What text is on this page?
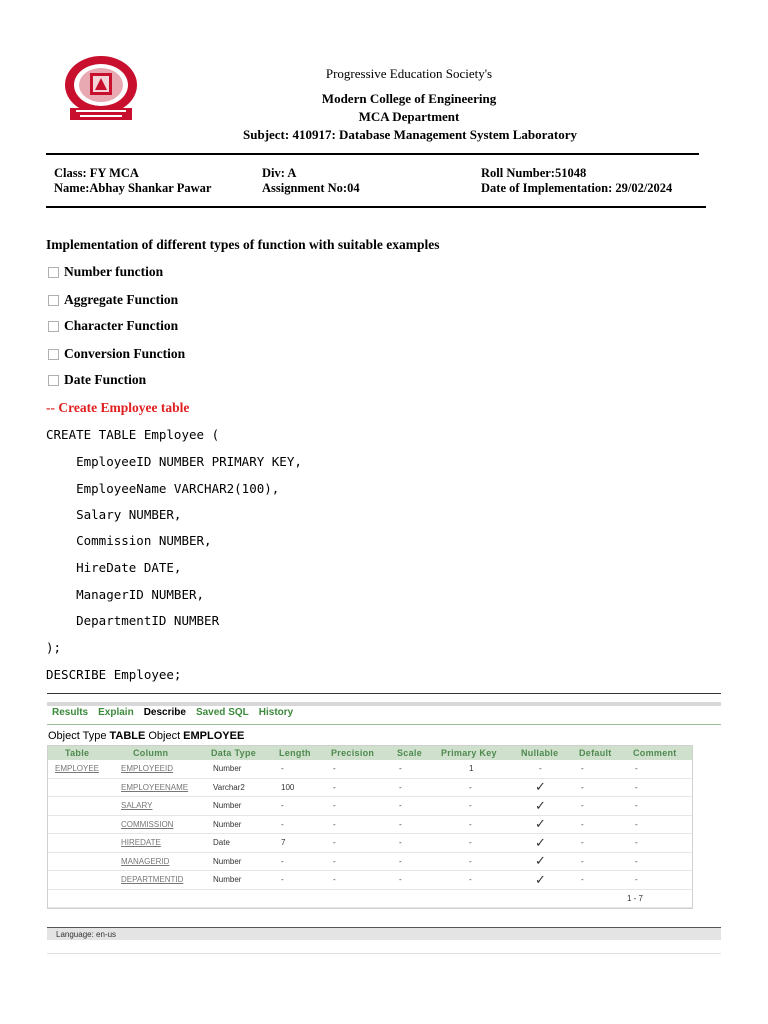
Progressive Education Society's
Modern College of Engineering
MCA Department
Subject: 410917: Database Management System Laboratory
Class: FY MCA	Div: A	Roll Number:51048
Name:Abhay Shankar Pawar	Assignment No:04	Date of Implementation: 29/02/2024
Implementation of different types of function with suitable examples
Number function
Aggregate Function
Character Function
Conversion Function
Date Function
-- Create Employee table
CREATE TABLE Employee (
EmployeeID NUMBER PRIMARY KEY,
EmployeeName VARCHAR2(100),
Salary NUMBER,
Commission NUMBER,
HireDate DATE,
ManagerID NUMBER,
DepartmentID NUMBER
);
DESCRIBE Employee;
Results Explain Describe Saved SQL History
Object Type TABLE Object EMPLOYEE
Table	Column	Data Type	Length	Precision	Scale	Primary Key	Nullable	Default	Comment
EMPLOYEE	EMPLOYEEID	Number	-	-	-	1	-	-	-
	EMPLOYEENAME	Varchar2	100	-	-	-	✓	-	-
	SALARY	Number	-	-	-	-	✓	-	-
	COMMISSION	Number	-	-	-	-	✓	-	-
	HIREDATE	Date	7	-	-	-	✓	-	-
	MANAGERID	Number	-	-	-	-	✓	-	-
	DEPARTMENTID	Number	-	-	-	-	✓	-	-
									1 - 7
Language: en-us
